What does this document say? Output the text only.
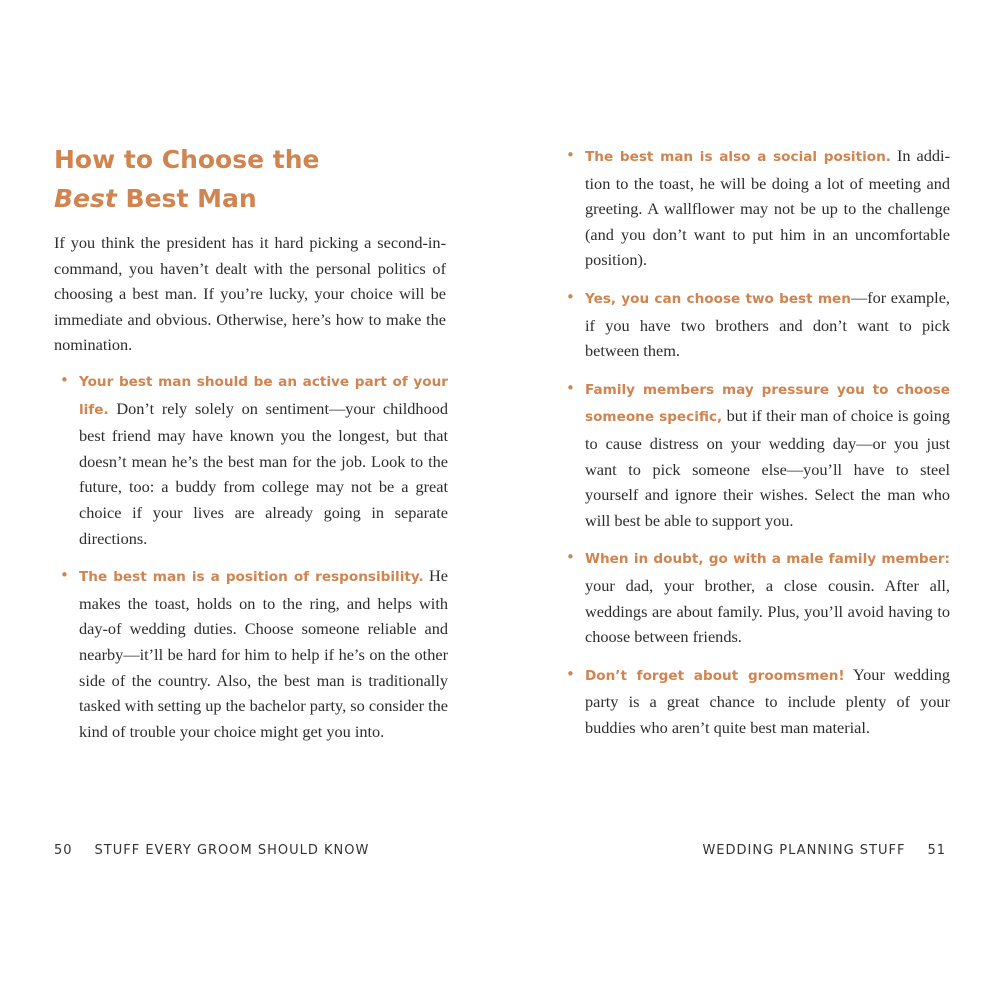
How to Choose the
Best Best Man

If you think the president has it hard picking a second-in-command, you haven’t dealt with the personal politics of choosing a best man. If you’re lucky, your choice will be immediate and obvious. Otherwise, here’s how to make the nomination.

• Your best man should be an active part of your life. Don’t rely solely on sentiment—your childhood best friend may have known you the longest, but that doesn’t mean he’s the best man for the job. Look to the future, too: a buddy from college may not be a great choice if your lives are already going in separate directions.
• The best man is a position of responsibility. He makes the toast, holds on to the ring, and helps with day-of wedding duties. Choose someone reliable and nearby—it’ll be hard for him to help if he’s on the other side of the country. Also, the best man is traditionally tasked with setting up the bachelor party, so consider the kind of trouble your choice might get you into.
50 STUFF EVERY GROOM SHOULD KNOW
• The best man is also a social position. In addition to the toast, he will be doing a lot of meeting and greeting. A wallflower may not be up to the challenge (and you don’t want to put him in an uncomfortable position).
• Yes, you can choose two best men—for example, if you have two brothers and don’t want to pick between them.
• Family members may pressure you to choose someone specific, but if their man of choice is going to cause distress on your wedding day—or you just want to pick someone else—you’ll have to steel yourself and ignore their wishes. Select the man who will best be able to support you.
• When in doubt, go with a male family member: your dad, your brother, a close cousin. After all, weddings are about family. Plus, you’ll avoid having to choose between friends.
• Don’t forget about groomsmen! Your wedding party is a great chance to include plenty of your buddies who aren’t quite best man material.
WEDDING PLANNING STUFF 51
